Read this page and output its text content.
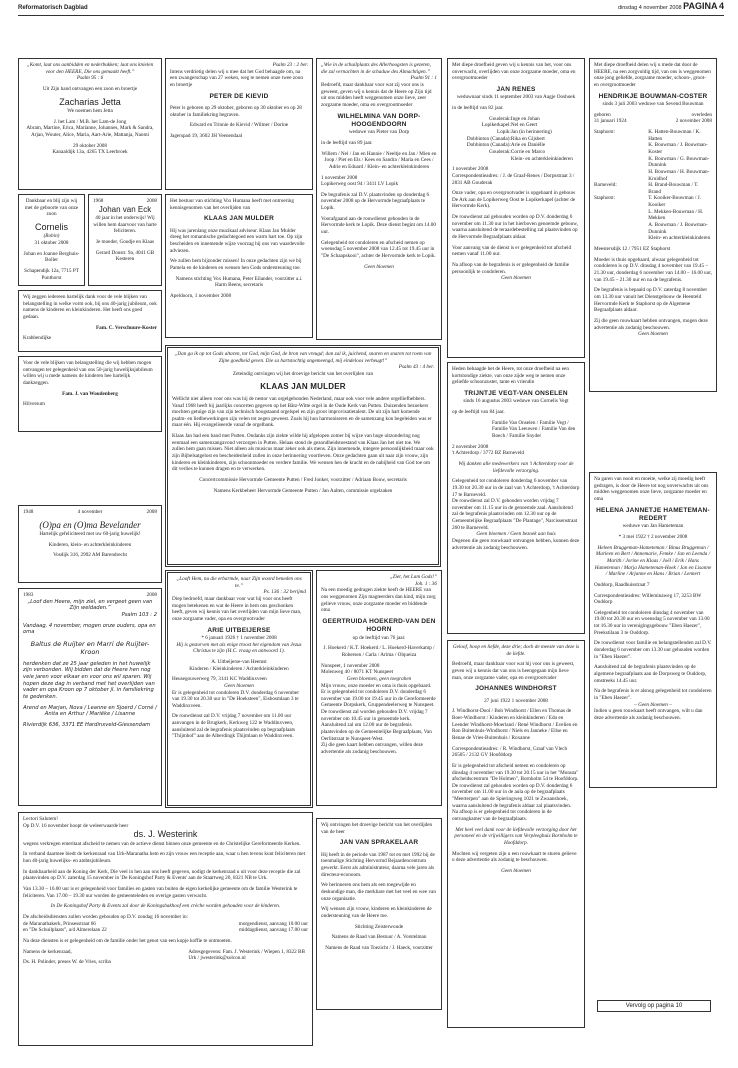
Reformatorisch Dagblad	dinsdag 4 november 2008 PAGINA 4
„Komt, laat ons aanbidden en nederbukken; laat ons knielen voor den HEERE, Die ons gemaakt heeft.”
Psalm 95 : 6
Uit Zijn hand ontvangen een zoon en broertje
Zacharias Jetta
We noemen hem Jetta
J. het Lam / M.B. het Lam-de Jong
Abram, Martine, Erica, Marianne, Johannes, Mark & Sandra, Arjan, Wouter, Alice, Maria, Aart-Arie, Mattanja, Naomi
29 oktober 2008
Kanaaldijk 13a, 4265 TX Leerbroek
Dankbaar en blij zijn wij met de geboorte van onze zoon
Cornelis
(Robin)
31 oktober 2008
Johan en Joanne Berghuis-Boller
Schapendijk 12a, 7715 PT Punthorst
1968	2008
Johan van Eck
40 jaar in het onderwijs! Wij willen hem daarvoor van harte feliciteren.
Je moeder, Goudje en Klaas
Gerard Doustr. 9a, 4041 GB Kesteren
Wij zeggen iedereen hartelijk dank voor de vele blijken van belangstelling in welke vorm ook, bij ons 40-jarig jubileum, ook namens de kinderen en kleinkinderen. Het heeft ons goed gedaan.
Fam. C. Verschuure-Koster
Krabbendijke
Voor de vele blijken van belangstelling die wij hebben mogen ontvangen ter gelegenheid van ons 50-jarig huwelijksjubileum willen wij u mede namens de kinderen hee hartelijk dankzeggen.
Fam. J. van Woudenberg
Hilversum
1948	4 november	2008
(O)pa en (O)ma Bevelander
Hartelijk gefeliciteerd met uw 60-jarig huwelijk!
Kinderen, klein- en achterkleinkinderen
Vosdijk 316, 2992 AM Barendrecht
1983	2008
„Loof den Heere, mijn ziel, en vergeet geen van Zijn weldaden.”
Psalm 103 : 2
Vandaag, 4 november, mogen onze ouders, opa en oma
Baltus de Ruijter en Marri de Ruijter-Kroon
herdenken dat ze 25 jaar geleden in het huwelijk zijn verbonden. Wij bidden dat de Heere hen nog vele jaren voor elkaar en voor ons wil sparen. Wij hopen deze dag in verband met het overlijden van vader en opa Kroon op 7 oktober jl. in familiekring te gedenken.
Arend en Marjan, Nova / Leanne en Sjoerd / Corné / Anita en Arthur / Mariëke / Lisanne
Rivierdijk 636, 3371 EE Hardinxveld-Giessendam
Lectori Salutem!
Op D.V. 16 november hoopt de weleerwaarde heer
ds. J. Westerink
wegens verkregen emeritaat afscheid te nemen van de actieve dienst binnen onze gemeente en de Christelijke Gereformeerde Kerken.
In verband daarmee biedt de kerkenraad van Urk-Maranatha hem en zijn vrouw een receptie aan, waar u hen tevens kunt feliciteren met hun 40-jarig huwelijks- en ambtsjubileum.
In dankbaarheid aan de Koning der Kerk, Die veel in hen aan ons heeft gegeven, nodigt de kerkenraad u uit voor deze receptie die zal plaatsvinden op D.V. zaterdag 15 november in 'De Koningshof Party & Events' aan de Staartweg 20, 8321 NB te Urk.
Van 13.30 – 16.00 uur is er gelegenheid voor families en gasten van buiten de eigen kerkelijke gemeente om de familie Westerink te feliciteren. Van 17.00 – 19.30 uur worden de gemeenteleden en overige gasten verwacht.
In De Koningshof Party & Events zal door de Koningsbakhoof een crèche worden gehouden voor de kinderen.
De afscheidsdiensten zullen worden gehouden op D.V. zondag 16 november in:
de Maranathakerk, Prinsesstraat 66	morgendienst, aanvang 10.00 uur
en "De Schuilplaats", a/d Almerelaan 22	middagdienst, aanvang 17.00 uur
Na deze diensten is er gelegenheid om de familie onder het genot van een kopje koffie te ontmoeten.
Namens de kerkenraad,
Ds. H. Polinder, preses W. de Vries, scriba
Adresgegevens: Fam. J. Westerink / Wiepen 1, 8322 BB Urk / jwesterink@solcon.nl
Psalm 23 : 2 ber.
Intens verdrietig delen wij u mee dat het God behaagde om, na een zwangerschap van 27 weken, weg te nemen onze twee zoon en broertje
PETER DE KIEVID
Peter is geboren op 29 oktober, geboren op 30 oktober en op 28 oktober in familiekring begraven.
Edward en Trinnie de Kievid / Wilmer / Dorine
Jagerspad 19, 3602 JH Veenendaal
Het bestuur van stichting Vox Humana heeft met ontroering kennisgenomen van het overlijden van
KLAAS JAN MULDER
Hij was jarenlang onze muzikaal adviseur. Klaas Jan Mulder dreeg het romantische gedachtegoed een warm hart toe. Op zijn bescheiden en innemende wijze voorzag hij ons van waardevolle adviezen.
We zullen hem bijzonder missen! In onze gedachten zijn we bij Pamela en de kinderen en wensen hen Gods ondersteuning toe.
Namens stichting Vox Humana, Peter Eilander, voorzitter a.i. Harm Beens, secretaris
Apeldoorn, 1 november 2008
„Dan ga ik op tot Gods altaren, tot God, mijn God, de bron van vreugd; dan zal ik, juichend, snaren en snaren tot roem van Zijne goedheid geven. Die sa hartstochtig ongemeengd, mij eindeloos verheugt!”
Psalm 43 : 4 ber.
Zeteindig ontvingen wij het droevige bericht van het overlijden van
KLAAS JAN MULDER
Wellicht niet alleen voor ons was hij de nestor van orgelgebonden Nederland, maar ook voor vele andere orgelliefhebbers. Vanaf 1968 heeft hij jaarlijks concerten gegeven op het Bätz-Witte orgel in de Oude Kerk van Putten. Duizenden bezoekers mochten getuige zijn van zijn technisch hoogstaand orgelspel en zijn groot improvisatietalent. De uit zijn hart komende psalm- en liedbewerkingen zijn velen tot zegen geweest. Zoals hij hun harmoniseren en de samenzang kon begeleiden was er maar één. Hij evangeliseerde vanaf de orgelbank.
Klaas Jan had een band met Putten. Ondanks zijn ziekte wilde hij afgelopen zomer bij wijze van hoge uitzondering nog eenmaal een samenzangavond verzorgen in Putten. Helaas stond de gezondheidstoestand van Klaas Jan het niet toe. We zullen hem gaan missen. Niet alleen als musicus maar zeker ook als mens. Zijn innemende, integere persoonlijkheid maar ook zijn Bijbelsatgelost en bescheidenheid zullen in onze herinnering voortleven. Onze gedachten gaan uit naar zijn vrouw, zijn kinderen en kleinkinderen, zijn schoonmoeder en verdere familie. We wensen hen de kracht en de nabijheid van God toe om dit verlies te kunnen dragen en te verwerken.
Concertcommissie Hervormde Gemeente Putten / Fred Jonker, voorzitter / Adriaan Bouw, secretaris
Namens Kerkbeheer Hervormde Gemeente Putten / Jan Aalten, commissie orgelzaken
„Looft Hem, nu die erbarmde, naar Zijn woord beneden ons te.”
Ps. 136 : 32 berijmd
Diep bedroefd, maar dankbaar voor wat hij voor ons heeft mogen betekenen en wat de Heere in hem ons geschonken heeft, geven wij kennis van het overlijden van mijn lieve man, onze zorgzame vader, opa en overgrootvader
ARIE UITBEIJERSE
* 6 januari 1926 † 1 november 2008
Hij is gestorven met als enige troost het eigendom van Jezus Christus te zijn (H.C. vraag en antwoord 1).
A. Uitbeijerse-van Heemst
Kinderen / Kleinkinderen / Achterkleinkinderen
Heusegouwerweg 79, 3141 KC Waddinxveen
Geen bloemen
Er is gelegenheid tot condoleren D.V. donderdag 6 november van 19.30 tot 20.30 uur in "De Hoeksteen", Eisbosmlaan 3 te Waddinxveen.
De rouwdienst zal D.V. vrijdag 7 november om 11.00 uur aanvangen in de Brugkerk, Kerkweg 122 te Waddinxveen, aansluitend zal de begrafenis plaatsvinden op begraafplaats "Thijmhof" aan de Alberdingk Thijmlaan te Waddinxveen.
„Wie in de schuilplaats des Allerhoogsten is gezeten, die zal vernachten in de schaduw des Almachtigen.”
Psalm 91 : 1
Bedroefd, maar dankbaar voor wat zij voor ons is geweest, geven wij u kennis dat de Heere op Zijn tijd uit ons midden heeft weggenomen onze lieve, zeer zorgzame moeder, oma en overgrootmoeder
WILHELMINA VAN DORP-HOOGENDOORN
weduwe van Pieter van Dorp
in de leeftijd van 89 jaar.
Willem / Nel / Jan en Hannie / Neeltje en Jan / Mien en Joop / Piet en Els / Kees en Sandra / Maria en Cees / Adrie en Eduard / Klein- en achterkleinkinderen
1 november 2008
Lopikerweg oost 94 / 3411 LV Lopik
De begrafenis zal D.V. plaatsvinden op donderdag 6 november 2008 op de Hervormde begraafplaats te Lopik.
Voorafgaand aan de rouwdienst gehouden in de Hervormde kerk te Lopik. Deze dienst begint om 14.00 uur.
Gelegenheid tot condoleren en afscheid nemen op woensdag 5 november 2008 van 12.45 tot 19.45 uur in "De Schaapskooi", achter de Hervormde kerk te Lopik.
Geen bloemen
„Ziet, het Lam Gods!”
Joh. 1 : 36
Na een moedig gedragen ziekte heeft de HEERE van ons weggenomen Zijn magteerders dan kind, mijn zorg gelieve vrouw, onze zorgzame moeder en biddende oma
GEERTRUIDA HOEKERD-VAN DEN HOORN
op de leeftijd van 76 jaar.
J. Hoekerd / K.T. Hoekerd / L. Hoekerd-Haverkamp / Robersen / Carla / Arima / Olqueiza
Nunspeet, 1 november 2008
Molenweg 40 / 8071 KT Nunspeet
Geen bloemen, geen toegrahen
Mijn vrouw, onze moeder en oma is thuis opgebaard.
Er is gelegenheid tot condoleren D.V. donderdag 6 november van 19.00 tot 19.45 uur in de Gereformeerde Gemeente Dorpskerk, Gruppendeelerweg te Nunspeet.
De rouwdienst zal worden gehouden D.V. vrijdag 7 november om 10.45 uur in genoemde kerk.
Aansluitend zal om 12.00 uur de begrafenis plaatsvinden op de Gemeentelijke Begraafplaats, Van Oerlitstraat te Nunspeet-West.
Zij die geen kaart hebben ontvangen, willen deze advertentie als zodanig beschouwen.
Wij ontvingen het droevige bericht van het overlijden van de heer
JAN VAN SPRAKELAAR
Hij heeft in de periode van 1987 tot en met 1992 bij de toenmalige Stichting Hervormd Bejaardencentrum gewerkt. Eerst als administrateur, daarna vele jaren als directeur-econoom.
We herinneren ons hem als een toegewijde en deskundige man, die merkbare met het veel en wee van onze organisatie.
Wij wensen zijn vrouw, kinderen en kleinkinderen de ondersteuning van de Heere toe.
Stichting Zeisterwoude
Namens de Raad van Bestuur / A. Vorstelman
Namens de Raad van Toezicht / J. Haeck, voorzitter
Met diepe droefheid geven wij u kennis van het, voor ons onverwacht, overlijden van onze zorgzame moeder, oma en overgrootmoeder
JAN RENES
weduwnaar sinds 11 september 2003 van Aagje Ooshoek
in de leeftijd van 82 jaar.
Gouderak: Inge en Johan
Lopikerkapel: Nel en Geert
Lopik: Jan (in herinnering)
Dobbinton (Canada): Rika en Gijsbert
Dobbinton (Canada): Arie en Daniëlle
Gouderak: Corrie en Marco
Klein- en achterkleinkinderen
1 november 2008
Correspondentieadres: / J. de Graaf-Renes / Dorpsstraat 3 / 2831 AB Gouderak
Onze vader, opa en overgrootvader is opgebaard in gebouw De Ark aan de Lopikerweg Oost te Lopikerkapel (achter de Hervormde Kerk).
De rouwdienst zal gehouden worden op D.V. donderdag 6 november om 11.30 uur in het hierboven genoemde gebouw, waarna aansluitend de teraardebestelling zal plaatsvinden op de Hervormde Begraafplaats aldaar.
Voor aanvang van de dienst is er gelegenheid tot afscheid nemen vanaf 11.00 uur.
Na afloop van de begrafenis is er gelegenheid de familie persoonlijk te condoleren.
Geen bloemen
Heden behaagde het de Heere, tot onze droefheid na een kortstondige ziekte, van onze zijde weg te nemen onze geliefde schoonzuster, tante en vriendin
TRIJNTJE VEGT-VAN ONSELEN
sinds 16 augustus 2003 weduwe van Cornelis Vegt
op de leeftijd van 84 jaar.
Familie Van Onselen / Familie Vegt / Familie Van Leeuwen / Familie Van den Boech / Familie Snyder
2 november 2008
't Achterdorp / 3772 BZ Barneveld
Wij danken alle medewerkers van 't Achterdorp voor de liefdevolle verzorging.
Gelegenheid tot condoleren donderdag 6 november van 19.30 tot 20.30 uur in de zaal van 't Achterdorp, 't Achterdorp 17 te Barneveld.
De rouwdienst zal D.V. gehouden worden vrijdag 7 november om 11.15 uur in de genoemde zaal. Aansluitend zal de begrafenis plaatsvinden om 12.30 uur op de Gemeentelijke Begraafplaats "De Plantage", Narcissenstraat 260 te Barneveld.
Geen bloemen / Geen bezoek aan huis
Degenen die geen rouwkaart ontvangen hebben, kunnen deze advertentie als zodanig beschouwen.
Geloof, hoop en liefde, deze drie; doch de meeste van deze is de liefde.
Bedroefd, maar dankbaar voor wat hij voor ons is geweest, geven wij u kennis dat van ons is heengegaan mijn lieve man, onze zorgzame vader, opa en overgrootvader
JOHANNES WINDHORST
27 juni 1922 1 november 2008
J. Windhorst-Dool / Bob Windhorst / Ellen en Thomas de Boer-Windhorst / Kinderen en kleinkinderen / Edu en Leender Windhorst-Moerland / René Windhorst / Evelien en Ron Buitenhuis-Windhorst / Niels en Janneke / Elise en Renae de Vries-Buitenhuis / Roxanne
Correspondentieadres: / R. Windhorst, Graaf van Vlech 26505 / 2132 GV Hoofddorp
Er is gelegenheid tot afscheid nemen en condoleren op dinsdag 4 november van 19.30 tot 20.15 uur in het "Monuta" afscheidscentrum "De Holmen", Bornholm 54 te Hoofddorp.
De rouwdienst zal gehouden worden op D.V. donderdag 6 november om 11.00 uur in de aula op de begraafplaats "Meerterpen" aan de Spieringweg 1021 te Zwaanshoek, waarna aansluitend de begrafenis aldaar zal plaatsvinden.
Na afloop is er gelegenheid tot condoleren in de ontvangkamer van de begraafplaats.
Met heel veel dank voor de liefdevolle verzorging door het personeel en de vrijwilligers van Verpleeghuis Bornholm te Hoofddorp.
Mochten wij vergeten zijn u een rouwkaart te sturen gelieve u deze advertentie als zodanig te beschouwen.
Geen bloemen
Met diepe droefheid delen wij u mede dat door de HEERE, na een zorgvuldig tijd, van ons is weggenomen onze jong geliefde, zorgzame moeder, schoon-, groot- en overgrootmoeder
HENDRIKJE BOUWMAN-COSTER
sinds 3 juli 2003 weduwe van Sevend Bouwman
geboren	overleden
31 januari 1924	2 november 2008
Staphorst:	K. Hatten-Bouwman / K. Hatten
K. Bouwman / J. Bouwman-Koster
K. Bouwman / G. Bouwman-Dunnink
H. Bouwman / H. Bouwman-Kruidhof
Barneveld:	H. Brand-Bouwman / T. Brand
Staphorst:	T. Kooiker-Bouwman / J. Kooiker
L. Mekken-Bouwman / H. Mekken
A. Bouwman / J. Bouwman-Dunnink
Klein- en achterkleinkinderen
Meestersdijk 12 / 7951 EZ Staphorst
Moeder is thuis opgebaard, alwaar gelegenheid tot condoleren is op D.V. dinsdag 4 november van 19.45 – 21.30 uur, donderdag 6 november van 14.00 – 16.00 uur, van 19.45 – 21.30 uur en na de begrafenis.
De begrafenis is bepaald op D.V. zaterdag 8 november om 13.30 uur vanuit het Dienstgebouw de Heenteld Hervormde Kerk te Staphorst op de Algemene Begraafplaats aldaar.
Zij die geen rouwkaart hebben ontvangen, mogen deze advertentie als zodanig beschouwen.
Geen bloemen
Na garen van nooit en moeite, welke zij moedig heeft gedragen, is door de Heere tot nog onverwachts uit ons midden weggenomen onze lieve, zorgzame moeder en oma
HELENA JANNETJE HAMETEMAN-REDERT
weduwe van Jan Hameteman
* 3 mei 1922 † 2 november 2008
Heleen Bruggeman-Hameteman / Binus Bruggeman / Marleen en Bert / Annemarie, Femke / Jan en Leenda / Marith / Jorine en Klaas / Joël / Erik / Hans Hameteman / Marja Hameteman-Hoek / Jan en Lisanne / Marline / Arjanne en Hans / Brian / Lennert
Ouddorp, Raadhuisstraat 7
Correspondentieadres: Willeminaweg 17, 3253 BW Ouddorp
Gelegenheid tot condoleren dinsdag 4 november van 19.00 tot 20.30 uur en woensdag 5 november van 13.00 tot 16.30 uur in verenigingsgebouw "Eben Haezer", Preekstilaan 3 te Ouddorp.
De rouwdienst voor familie en belangstellenden zal D.V. donderdag 6 november om 13.30 uur gehouden worden in "Eben Haezer".
Aansluitend zal de begrafenis plaatsvinden op de algemene begraafplaats aan de Dorpsweg te Ouddorp, omstreeks 14.45 uur.
Na de begrafenis is er alsnog gelegenheid tot condoleren in "Eben Haezer".
– Geen bloemen –
Indien u geen rouwkaart heeft ontvangen, wilt u dan deze advertentie als zodanig beschouwen.
Vervolg op pagina 10
